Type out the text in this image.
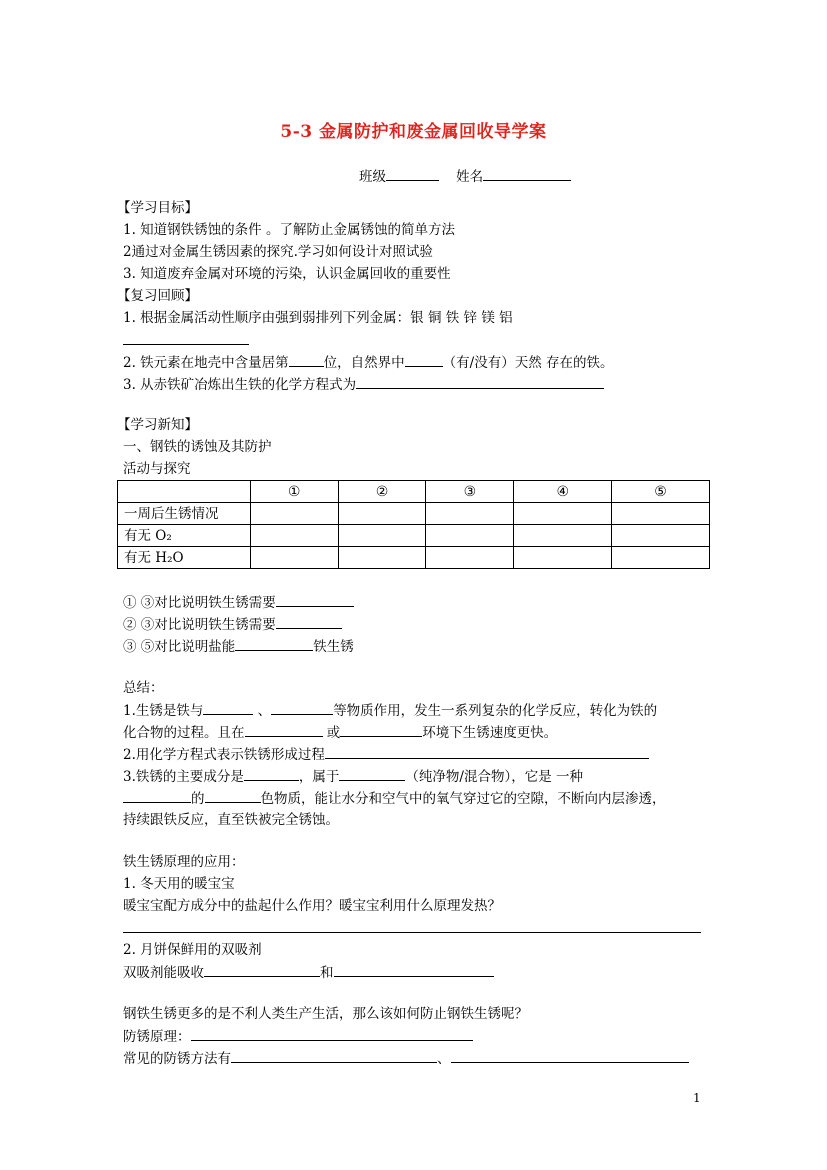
5-3 金属防护和废金属回收导学案
班级	姓名
【学习目标】
1. 知道钢铁锈蚀的条件 。了解防止金属锈蚀的简单方法
2通过对金属生锈因素的探究.学习如何设计对照试验
3. 知道废弃金属对环境的污染，认识金属回收的重要性
【复习回顾】
1. 根据金属活动性顺序由强到弱排列下列金属：银 铜 铁 锌 镁 铝
2. 铁元素在地壳中含量居第	位，自然界中	（有/没有）天然 存在的铁。
3. 从赤铁矿冶炼出生铁的化学方程式为
【学习新知】
一、钢铁的诱蚀及其防护
活动与探究
	①	②	③	④	⑤
一周后生锈情况					
有无 O₂					
有无 H₂O					
① ③对比说明铁生锈需要
② ③对比说明铁生锈需要
③ ⑤对比说明盐能	铁生锈
总结：
1.生锈是铁与	、	等物质作用，发生一系列复杂的化学反应，转化为铁的
化合物的过程。且在	或	环境下生锈速度更快。
2.用化学方程式表示铁锈形成过程
3.铁锈的主要成分是	，属于	（纯净物/混合物），它是 一种
的	色物质，能让水分和空气中的氧气穿过它的空隙，不断向内层渗透，
持续跟铁反应，直至铁被完全锈蚀。
铁生锈原理的应用：
1. 冬天用的暖宝宝
暖宝宝配方成分中的盐起什么作用？暖宝宝利用什么原理发热？
2. 月饼保鲜用的双吸剂
双吸剂能吸收	和
钢铁生锈更多的是不利人类生产生活，那么该如何防止钢铁生锈呢？
防锈原理：
常见的防锈方法有	、
1
